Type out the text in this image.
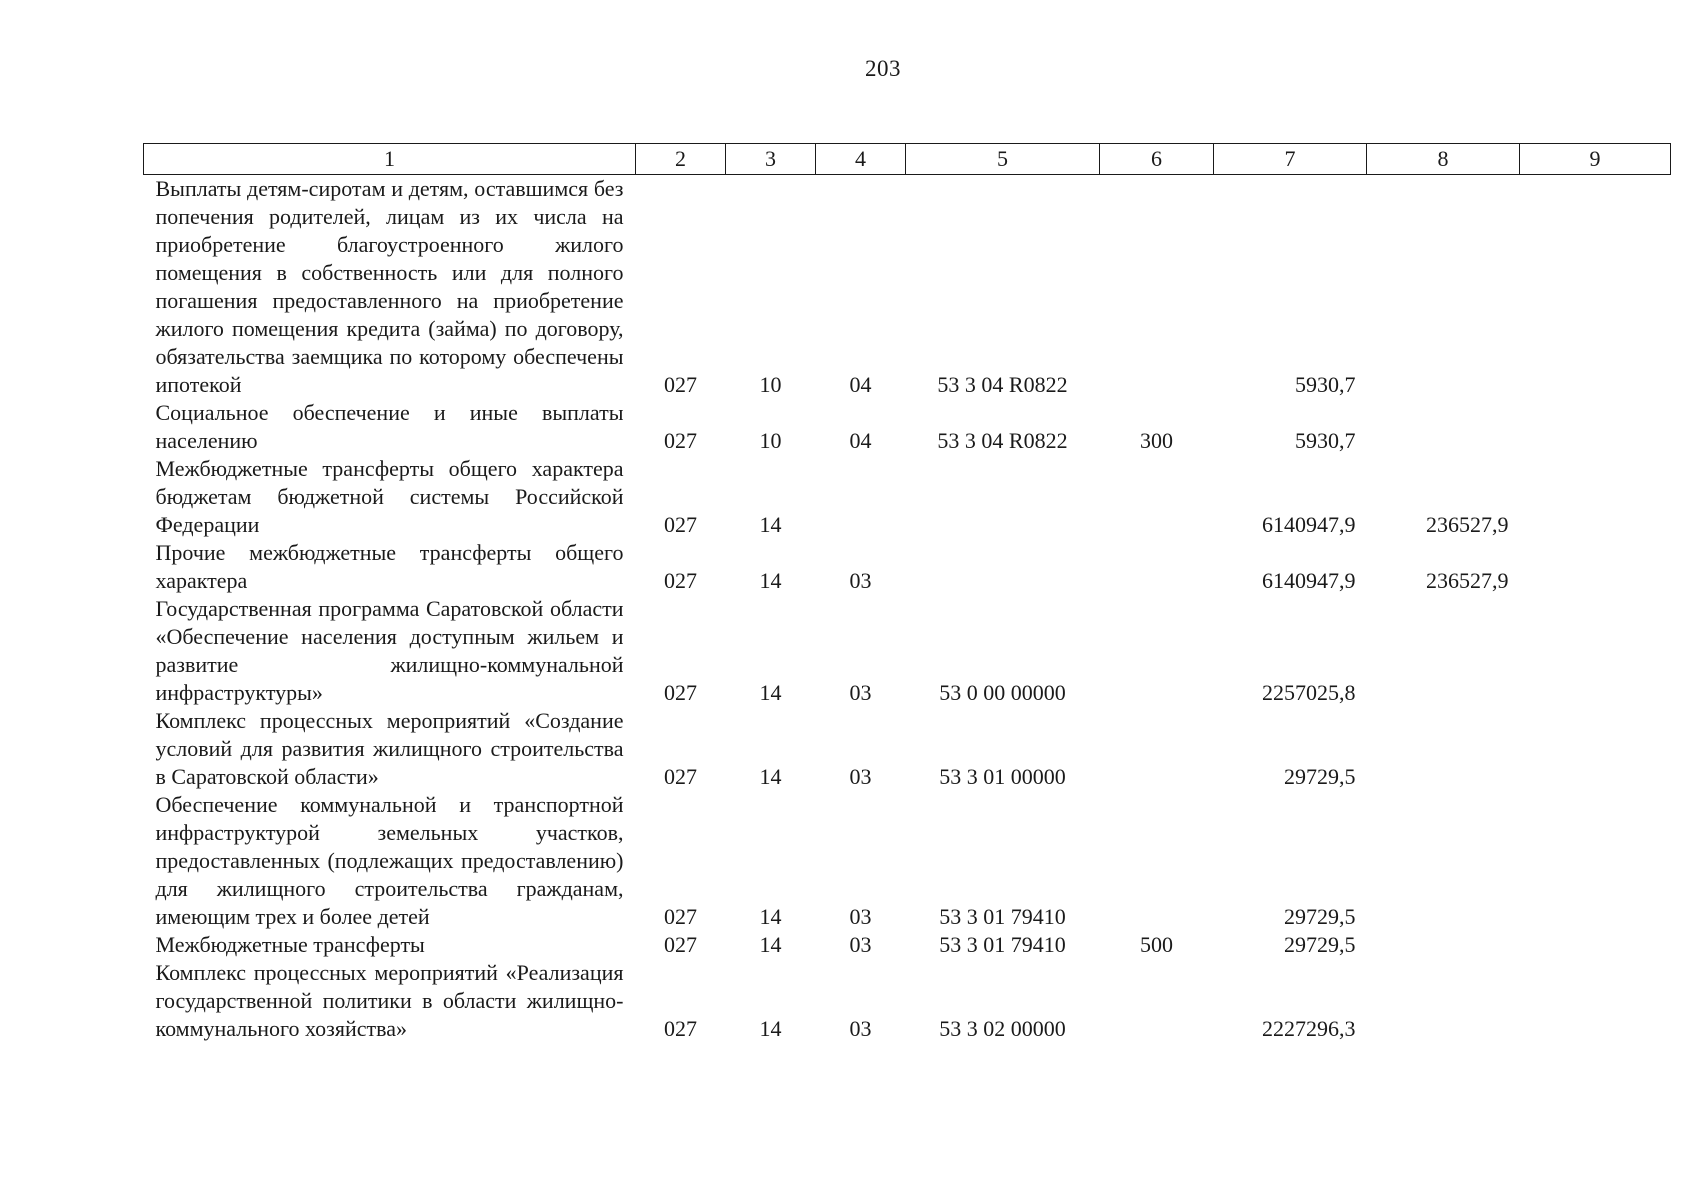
203
1	2	3	4	5	6	7	8	9
Выплаты детям-сиротам и детям, оставшимся без попечения родителей, лицам из их числа на приобретение благоустроенного жилого помещения в собственность или для полного погашения предоставленного на приобретение жилого помещения кредита (займа) по договору, обязательства заемщика по которому обеспечены ипотекой	027	10	04	53 3 04 R0822		5930,7		
Социальное обеспечение и иные выплаты населению	027	10	04	53 3 04 R0822	300	5930,7		
Межбюджетные трансферты общего характера бюджетам бюджетной системы Российской Федерации	027	14				6140947,9	236527,9	
Прочие межбюджетные трансферты общего характера	027	14	03			6140947,9	236527,9	
Государственная программа Саратовской области «Обеспечение населения доступным жильем и развитие жилищно-коммунальной инфраструктуры»	027	14	03	53 0 00 00000		2257025,8		
Комплекс процессных мероприятий «Создание условий для развития жилищного строительства в Саратовской области»	027	14	03	53 3 01 00000		29729,5		
Обеспечение коммунальной и транспортной инфраструктурой земельных участков, предоставленных (подлежащих предоставлению) для жилищного строительства гражданам, имеющим трех и более детей	027	14	03	53 3 01 79410		29729,5		
Межбюджетные трансферты	027	14	03	53 3 01 79410	500	29729,5		
Комплекс процессных мероприятий «Реализация государственной политики в области жилищно-коммунального хозяйства»	027	14	03	53 3 02 00000		2227296,3		
